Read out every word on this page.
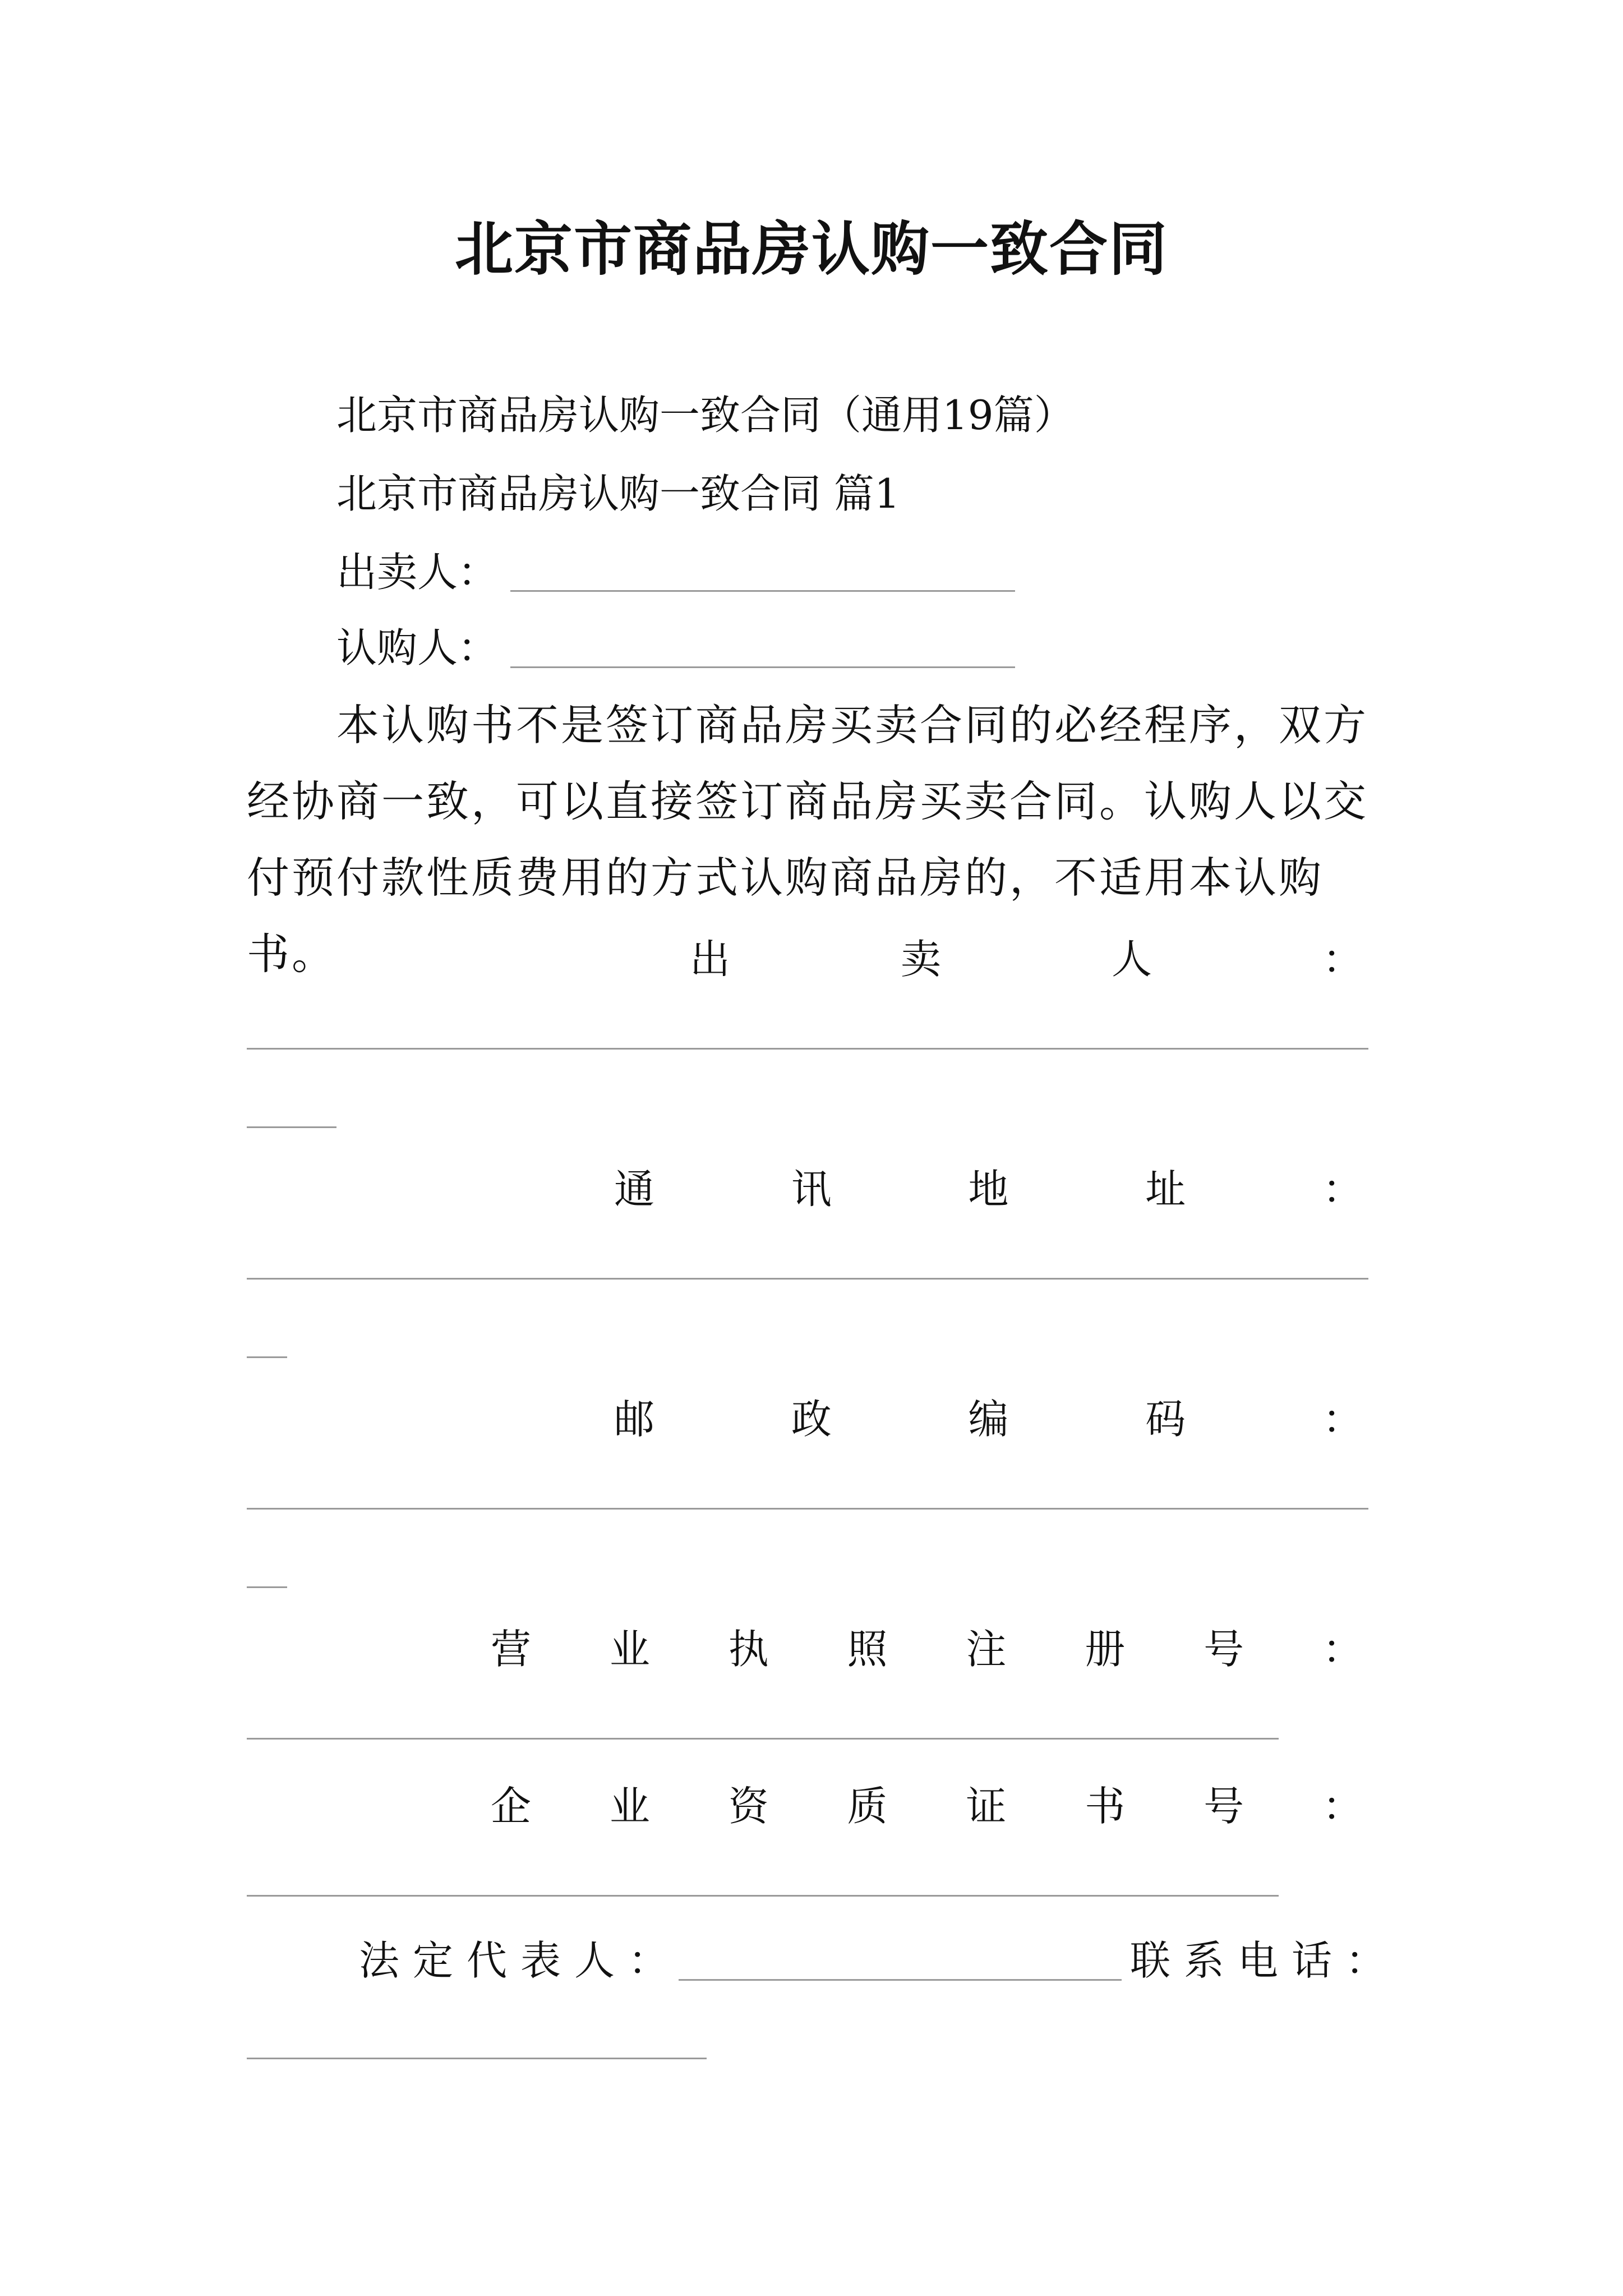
北京市商品房认购一致合同
北京市商品房认购一致合同（通用19篇）
北京市商品房认购一致合同 篇1
出卖人：
认购人：
本认购书不是签订商品房买卖合同的必经程序，双方经协商一致，可以直接签订商品房买卖合同。认购人以交付预付款性质费用的方式认购商品房的，不适用本认购书。	出	卖	人	：
通	讯	地	址	：
邮	政	编	码	：
营 业 执 照 注 册 号 ：
企 业 资 质 证 书 号 ：
法定代表人：	联系电话：
